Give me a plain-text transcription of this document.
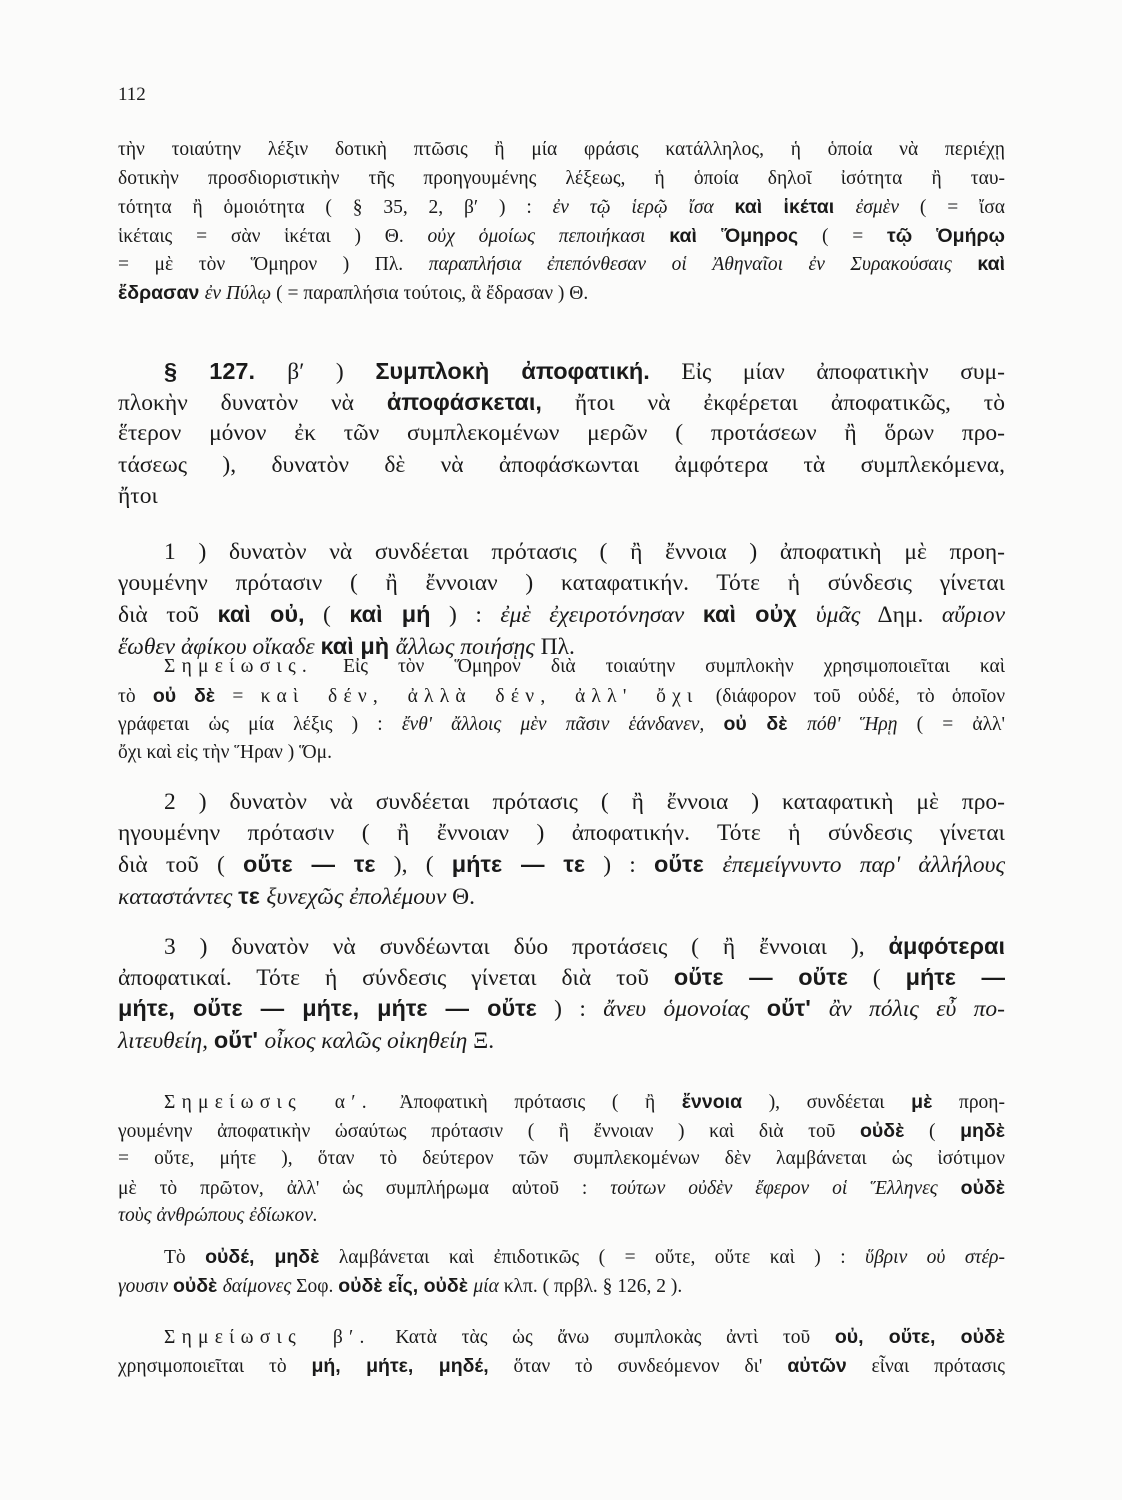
112
τὴν τοιαύτην λέξιν δοτικὴ πτῶσις ἢ μία φράσις κατάλληλος, ἡ ὁποία νὰ περιέχῃ
δοτικὴν προσδιοριστικὴν τῆς προηγουμένης λέξεως, ἡ ὁποία δηλοῖ ἰσότητα ἢ ταυ-
τότητα ἢ ὁμοιότητα ( § 35, 2, β′ ) : ἐν τῷ ἱερῷ ἴσα καὶ ἱκέται ἐσμὲν ( = ἴσα
ἱκέταις = σὰν ἱκέται ) Θ. οὐχ ὁμοίως πεποιήκασι καὶ Ὅμηρος ( = τῷ Ὁμήρῳ
= μὲ τὸν Ὅμηρον ) Πλ. παραπλήσια ἐπεπόνθεσαν οἱ Ἀθηναῖοι ἐν Συρακούσαις καὶ
ἔδρασαν ἐν Πύλῳ ( = παραπλήσια τούτοις, ἃ ἔδρασαν ) Θ.
§ 127. β′ ) Συμπλοκὴ ἀποφατική. Εἰς μίαν ἀποφατικὴν συμ-
πλοκὴν δυνατὸν νὰ ἀποφάσκεται, ἤτοι νὰ ἐκφέρεται ἀποφατικῶς, τὸ
ἕτερον μόνον ἐκ τῶν συμπλεκομένων μερῶν ( προτάσεων ἢ ὅρων προ-
τάσεως ), δυνατὸν δὲ νὰ ἀποφάσκωνται ἀμφότερα τὰ συμπλεκόμενα,
ἤτοι
1 ) δυνατὸν νὰ συνδέεται πρότασις ( ἢ ἔννοια ) ἀποφατικὴ μὲ προη-
γουμένην πρότασιν ( ἢ ἔννοιαν ) καταφατικήν. Τότε ἡ σύνδεσις γίνεται
διὰ τοῦ καὶ οὐ, ( καὶ μή ) : ἐμὲ ἐχειροτόνησαν καὶ οὐχ ὑμᾶς Δημ. αὔριον
ἕωθεν ἀφίκου οἴκαδε καὶ μὴ ἄλλως ποιήσῃς Πλ.
Σημείωσις. Εἰς τὸν Ὅμηρον διὰ τοιαύτην συμπλοκὴν χρησιμοποιεῖται καὶ
τὸ οὐ δὲ = καὶ δέν, ἀλλὰ δέν, ἀλλ' ὄχι (διάφορον τοῦ οὐδέ, τὸ ὁποῖον
γράφεται ὡς μία λέξις ) : ἔνθ' ἄλλοις μὲν πᾶσιν ἑάνδανεν, οὐ δὲ πόθ' Ἥρῃ ( = ἀλλ'
ὄχι καὶ εἰς τὴν Ἥραν ) Ὅμ.
2 ) δυνατὸν νὰ συνδέεται πρότασις ( ἢ ἔννοια ) καταφατικὴ μὲ προ-
ηγουμένην πρότασιν ( ἢ ἔννοιαν ) ἀποφατικήν. Τότε ἡ σύνδεσις γίνεται
διὰ τοῦ ( οὔτε — τε ), ( μήτε — τε ) : οὔτε ἐπεμείγνυντο παρ' ἀλλήλους
καταστάντες τε ξυνεχῶς ἐπολέμουν Θ.
3 ) δυνατὸν νὰ συνδέωνται δύο προτάσεις ( ἢ ἔννοιαι ), ἀμφότεραι
ἀποφατικαί. Τότε ἡ σύνδεσις γίνεται διὰ τοῦ οὔτε — οὔτε ( μήτε —
μήτε, οὔτε — μήτε, μήτε — οὔτε ) : ἄνευ ὁμονοίας οὔτ' ἂν πόλις εὖ πο-
λιτευθείη, οὔτ' οἶκος καλῶς οἰκηθείη Ξ.
Σημείωσις α′. Ἀποφατικὴ πρότασις ( ἢ ἔννοια ), συνδέεται μὲ προη-
γουμένην ἀποφατικὴν ὡσαύτως πρότασιν ( ἢ ἔννοιαν ) καὶ διὰ τοῦ οὐδὲ ( μηδὲ
= οὔτε, μήτε ), ὅταν τὸ δεύτερον τῶν συμπλεκομένων δὲν λαμβάνεται ὡς ἰσότιμον
μὲ τὸ πρῶτον, ἀλλ' ὡς συμπλήρωμα αὐτοῦ : τούτων οὐδὲν ἔφερον οἱ Ἕλληνες οὐδὲ
τοὺς ἀνθρώπους ἐδίωκον.
Τὸ οὐδέ, μηδὲ λαμβάνεται καὶ ἐπιδοτικῶς ( = οὔτε, οὔτε καὶ ) : ὕβριν οὐ στέρ-
γουσιν οὐδὲ δαίμονες Σοφ. οὐδὲ εἷς, οὐδὲ μία κλπ. ( πρβλ. § 126, 2 ).
Σημείωσις β′. Κατὰ τὰς ὡς ἄνω συμπλοκὰς ἀντὶ τοῦ οὐ, οὔτε, οὐδὲ
χρησιμοποιεῖται τὸ μή, μήτε, μηδέ, ὅταν τὸ συνδεόμενον δι' αὐτῶν εἶναι πρότασις
